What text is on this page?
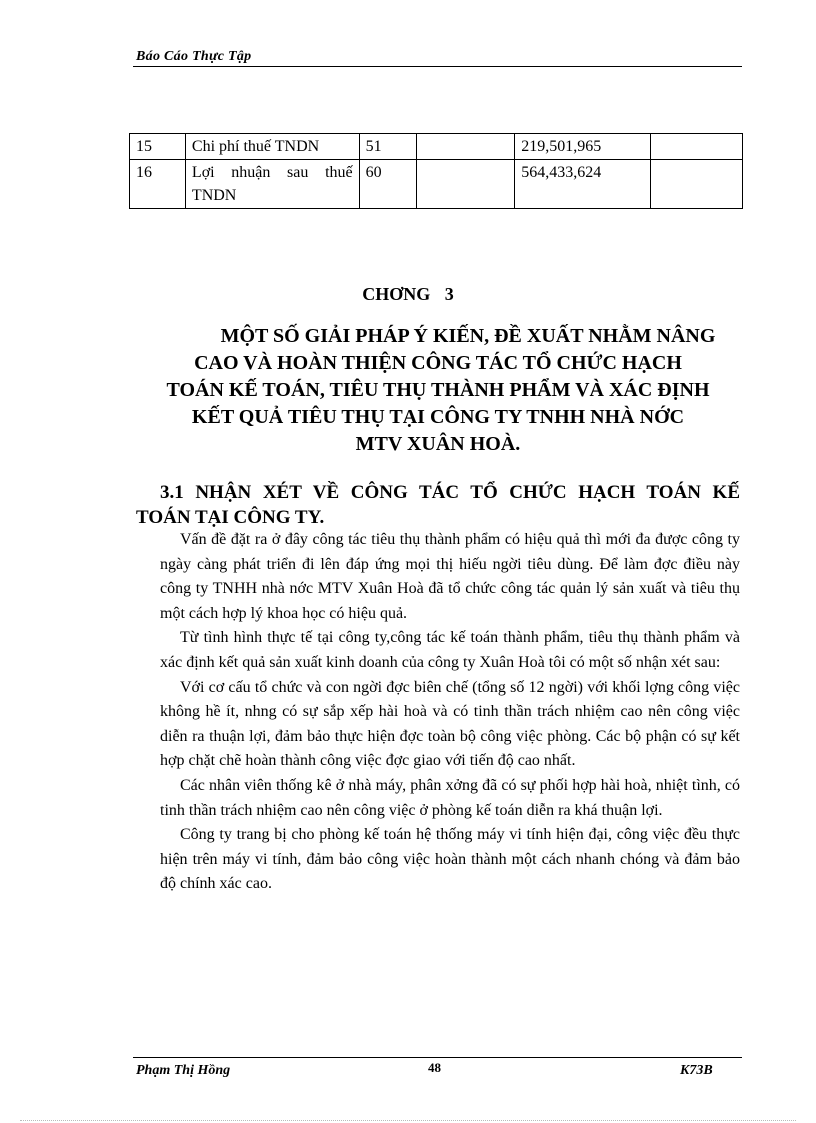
Báo Cáo Thực Tập
15	Chi phí thuế TNDN	51		219,501,965	
16	Lợi nhuận sau thuế TNDN	60		564,433,624	
CHƠNG 3
MỘT SỐ GIẢI PHÁP Ý KIẾN, ĐỀ XUẤT NHẰM NÂNG
CAO VÀ HOÀN THIỆN CÔNG TÁC TỔ CHỨC HẠCH
TOÁN KẾ TOÁN, TIÊU THỤ THÀNH PHẨM VÀ XÁC ĐỊNH
KẾT QUẢ TIÊU THỤ TẠI CÔNG TY TNHH NHÀ NỚC
MTV XUÂN HOÀ.
3.1 NHẬN XÉT VỀ CÔNG TÁC TỔ CHỨC HẠCH TOÁN KẾ
TOÁN TẠI CÔNG TY.

Vấn đề đặt ra ở đây công tác tiêu thụ thành phẩm có hiệu quả thì mới đa được công ty ngày càng phát triển đi lên đáp ứng mọi thị hiếu ngời tiêu dùng. Để làm đợc điều này công ty TNHH nhà nớc MTV Xuân Hoà đã tổ chức công tác quản lý sản xuất và tiêu thụ một cách hợp lý khoa học có hiệu quả.

Từ tình hình thực tế tại công ty,công tác kế toán thành phẩm, tiêu thụ thành phẩm và xác định kết quả sản xuất kinh doanh của công ty Xuân Hoà tôi có một số nhận xét sau:

Với cơ cấu tổ chức và con ngời đợc biên chế (tổng số 12 ngời) với khối lợng công việc không hề ít, nhng có sự sắp xếp hài hoà và có tinh thần trách nhiệm cao nên công việc diễn ra thuận lợi, đảm bảo thực hiện đợc toàn bộ công việc phòng. Các bộ phận có sự kết hợp chặt chẽ hoàn thành công việc đợc giao với tiến độ cao nhất.

Các nhân viên thống kê ở nhà máy, phân xởng đã có sự phối hợp hài hoà, nhiệt tình, có tinh thần trách nhiệm cao nên công việc ở phòng kế toán diễn ra khá thuận lợi.

Công ty trang bị cho phòng kế toán hệ thống máy vi tính hiện đại, công việc đều thực hiện trên máy vi tính, đảm bảo công việc hoàn thành một cách nhanh chóng và đảm bảo độ chính xác cao.

Phạm Thị Hồng	48	K73B
